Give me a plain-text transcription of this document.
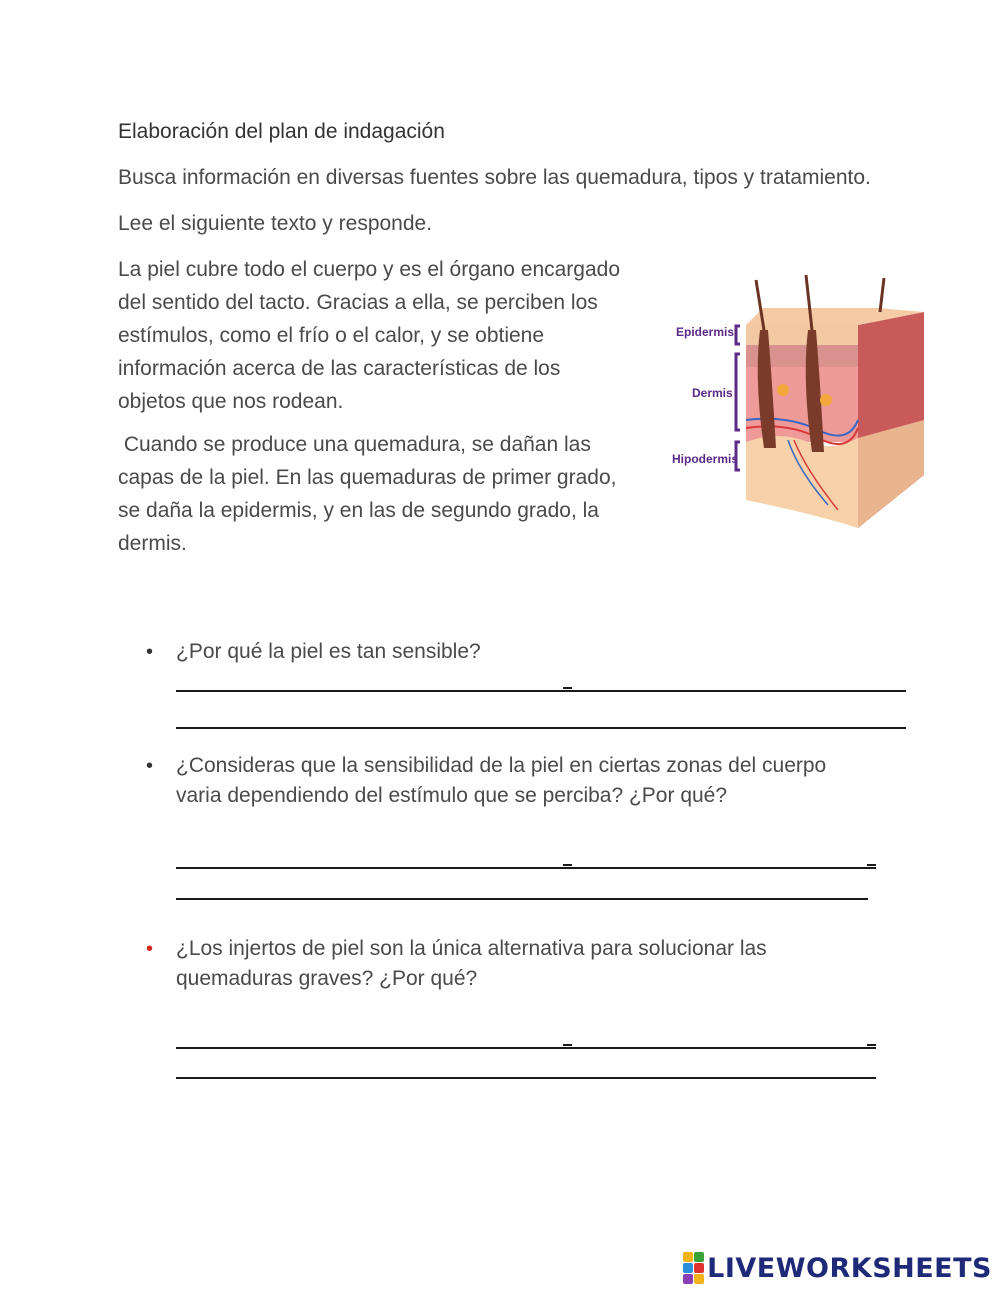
Elaboración del plan de indagación
Busca información en diversas fuentes sobre las quemadura, tipos y tratamiento.
Lee el siguiente texto y responde.
La piel cubre todo el cuerpo y es el órgano encargado
del sentido del tacto. Gracias a ella, se perciben los
estímulos, como el frío o el calor, y se obtiene
información acerca de las características de los
objetos que nos rodean.
Cuando se produce una quemadura, se dañan las
capas de la piel. En las quemaduras de primer grado,
se daña la epidermis, y en las de segundo grado, la
dermis.
Epidermis
Dermis
Hipodermis
• ¿Por qué la piel es tan sensible?
• ¿Consideras que la sensibilidad de la piel en ciertas zonas del cuerpo
varia dependiendo del estímulo que se perciba? ¿Por qué?
• ¿Los injertos de piel son la única alternativa para solucionar las
quemaduras graves? ¿Por qué?
LIVEWORKSHEETS
